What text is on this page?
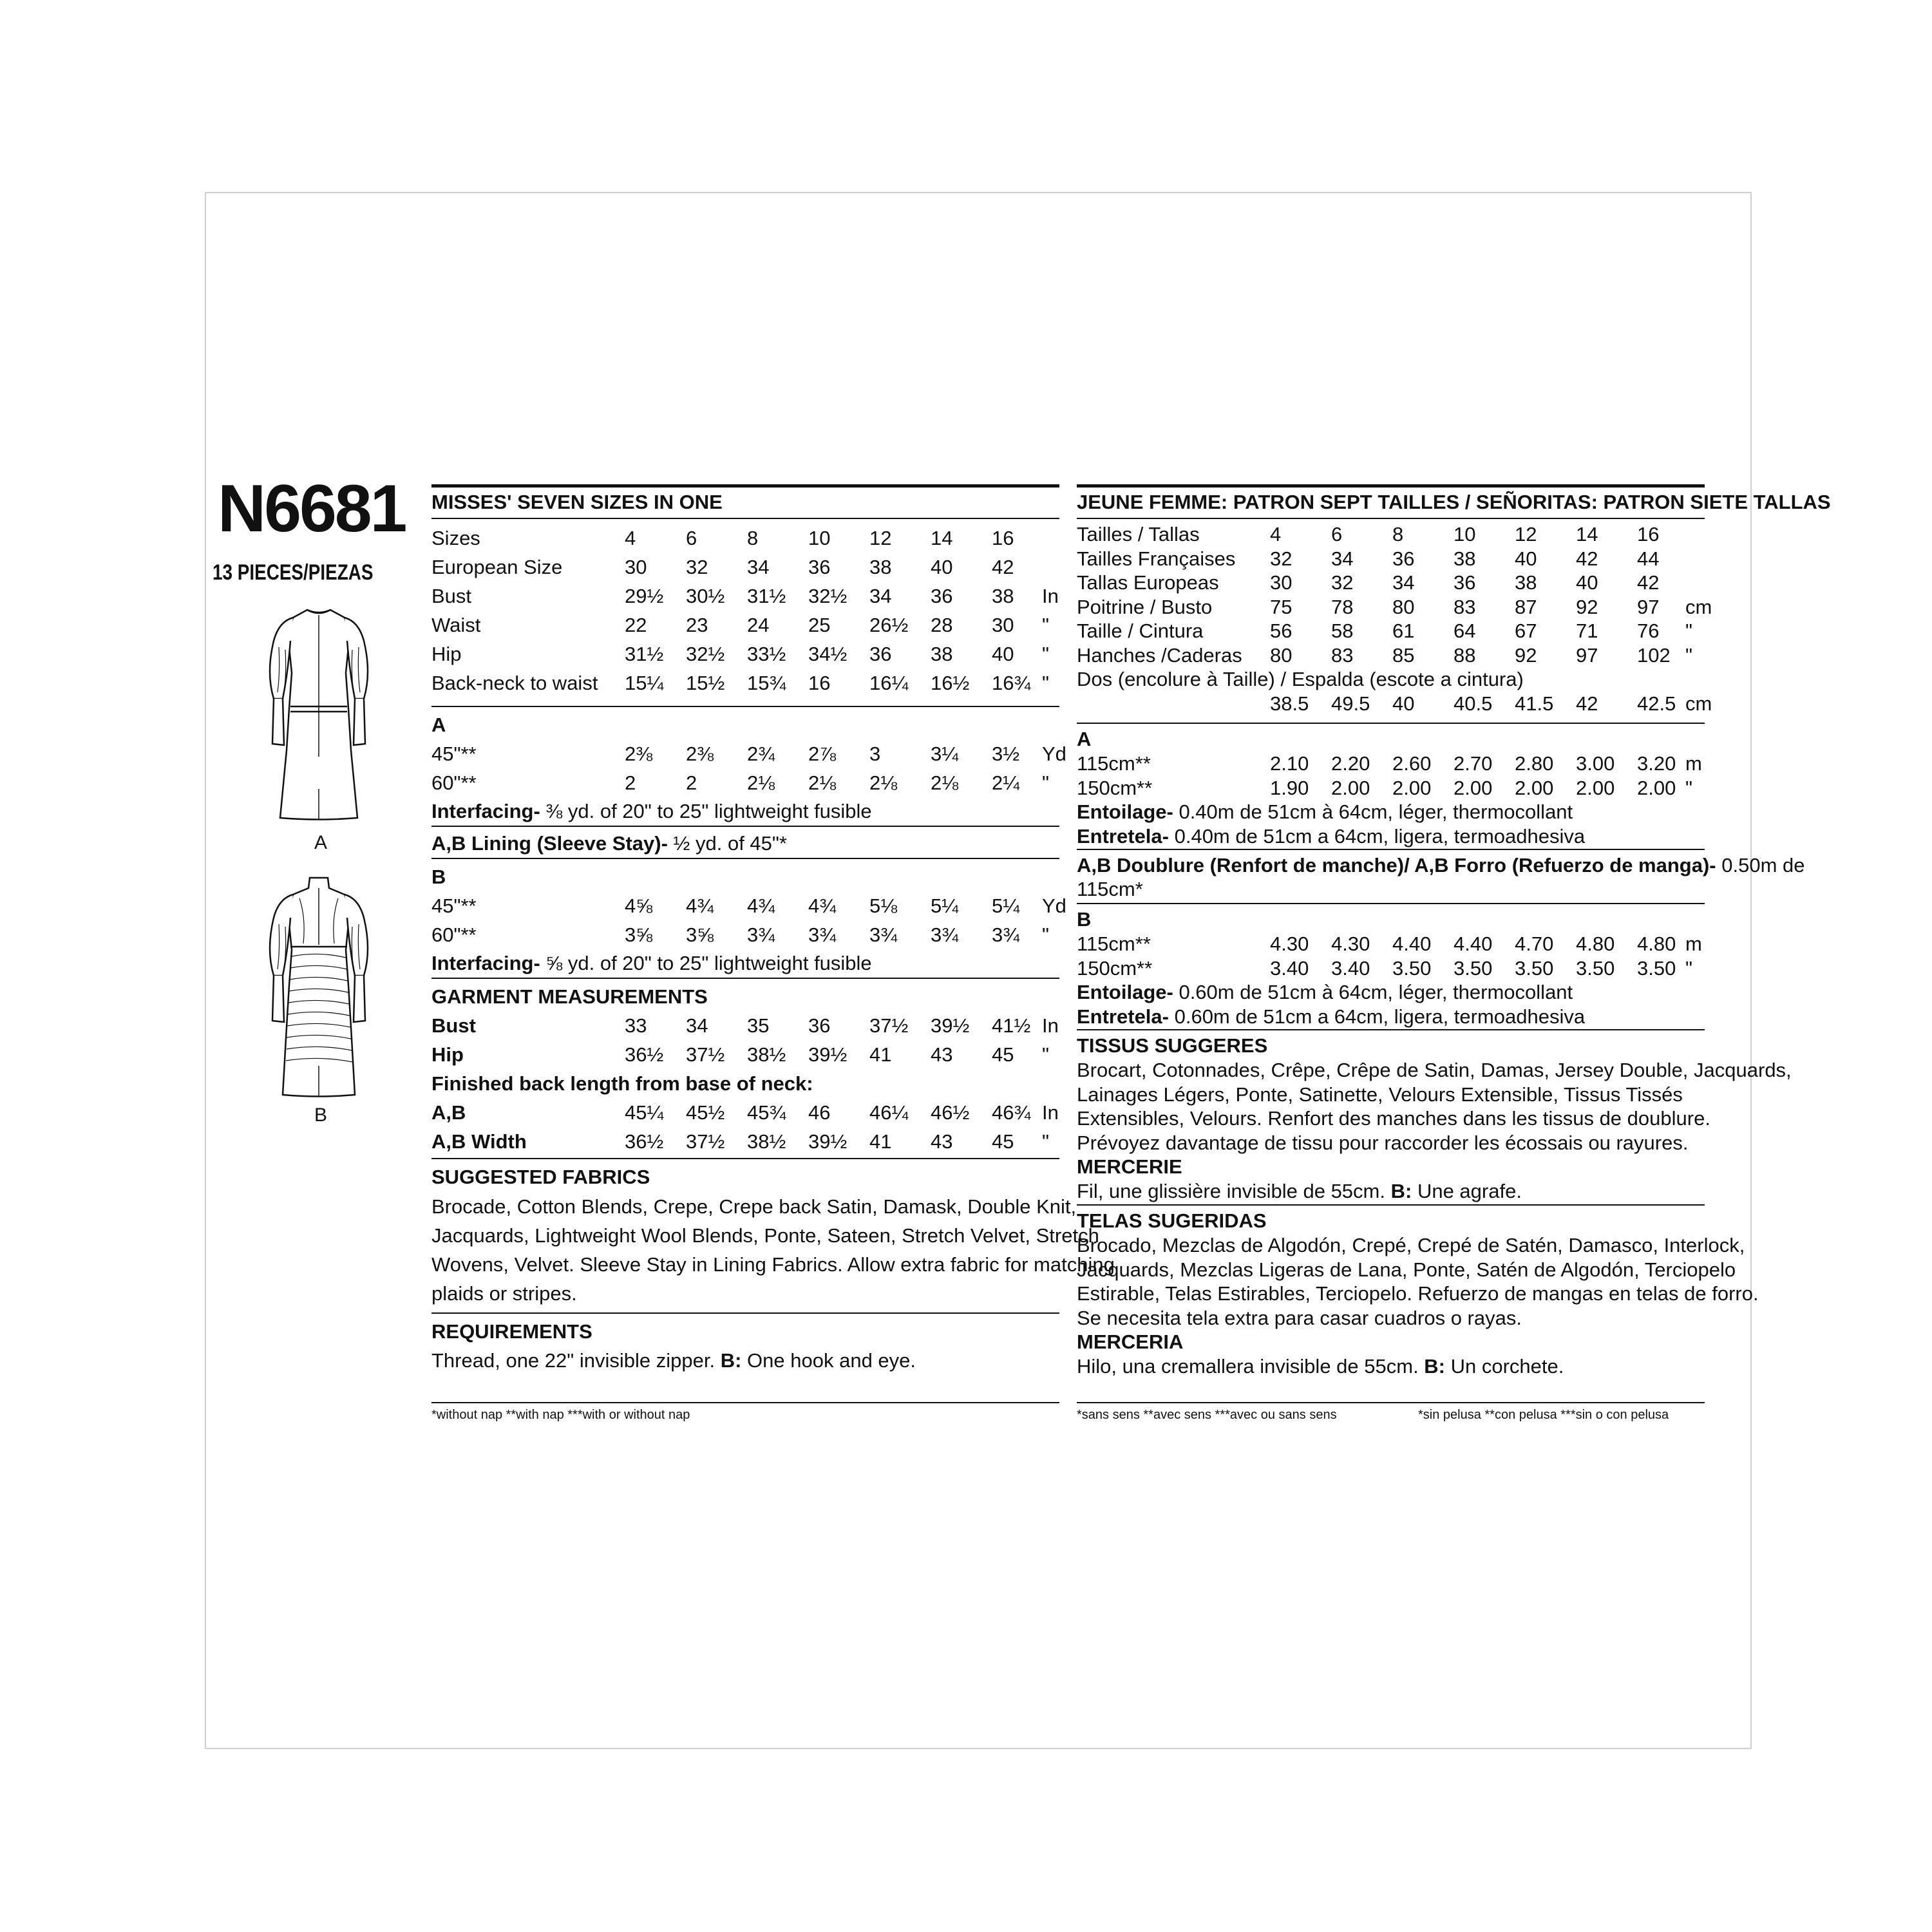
N6681
13 PIECES/PIEZAS
A
B
MISSES' SEVEN SIZES IN ONE
Sizes	4	6	8	10 12 14 16
European Size	30 32 34 36 38 40 42
Bust	29½ 30½ 31½ 32½ 34 36 38 In
Waist	22 23 24 25 26½ 28 30 "
Hip	31½ 32½ 33½ 34½ 36 38 40 "
Back-neck to waist 15¼ 15½ 15¾ 16 16¼ 16½ 16¾ "
A
45"**	2⅜ 2⅜ 2¾ 2⅞ 3	3¼ 3½ Yd
60"**	2	2	2⅛ 2⅛ 2⅛ 2⅛ 2¼ "
Interfacing- ⅜ yd. of 20" to 25" lightweight fusible
A,B Lining (Sleeve Stay)- ½ yd. of 45"*
B
45"**	4⅝ 4¾ 4¾ 4¾ 5⅛ 5¼ 5¼ Yd
60"**	3⅝ 3⅝ 3¾ 3¾ 3¾ 3¾ 3¾ "
Interfacing- ⅝ yd. of 20" to 25" lightweight fusible
GARMENT MEASUREMENTS
Bust	33 34 35 36 37½ 39½ 41½ In
Hip	36½ 37½ 38½ 39½ 41 43 45 "
Finished back length from base of neck:
A,B	45¼ 45½ 45¾ 46 46¼ 46½ 46¾ In
A,B Width	36½ 37½ 38½ 39½ 41 43 45 "
SUGGESTED FABRICS
Brocade, Cotton Blends, Crepe, Crepe back Satin, Damask, Double Knit,
Jacquards, Lightweight Wool Blends, Ponte, Sateen, Stretch Velvet, Stretch
Wovens, Velvet. Sleeve Stay in Lining Fabrics. Allow extra fabric for matching
plaids or stripes.
REQUIREMENTS
Thread, one 22" invisible zipper. B: One hook and eye.
*without nap **with nap ***with or without nap
JEUNE FEMME: PATRON SEPT TAILLES / SEÑORITAS: PATRON SIETE TALLAS
Tailles / Tallas	4	6	8	10 12 14 16
Tailles Françaises 32 34 36 38 40 42 44
Tallas Europeas	30 32 34 36 38 40 42
Poitrine / Busto	75 78 80 83 87 92 97 cm
Taille / Cintura	56 58 61 64 67 71 76 "
Hanches /Caderas 80 83 85 88 92 97 102 "
Dos (encolure à Taille) / Espalda (escote a cintura)
38.5 49.5 40 40.5 41.5 42 42.5 cm
A
115cm**	2.10 2.20 2.60 2.70 2.80 3.00 3.20 m
150cm**	1.90 2.00 2.00 2.00 2.00 2.00 2.00 "
Entoilage- 0.40m de 51cm à 64cm, léger, thermocollant
Entretela- 0.40m de 51cm a 64cm, ligera, termoadhesiva
A,B Doublure (Renfort de manche)/ A,B Forro (Refuerzo de manga)- 0.50m de
115cm*
B
115cm**	4.30 4.30 4.40 4.40 4.70 4.80 4.80 m
150cm**	3.40 3.40 3.50 3.50 3.50 3.50 3.50 "
Entoilage- 0.60m de 51cm à 64cm, léger, thermocollant
Entretela- 0.60m de 51cm a 64cm, ligera, termoadhesiva
TISSUS SUGGERES
Brocart, Cotonnades, Crêpe, Crêpe de Satin, Damas, Jersey Double, Jacquards,
Lainages Légers, Ponte, Satinette, Velours Extensible, Tissus Tissés
Extensibles, Velours. Renfort des manches dans les tissus de doublure.
Prévoyez davantage de tissu pour raccorder les écossais ou rayures.
MERCERIE
Fil, une glissière invisible de 55cm. B: Une agrafe.
TELAS SUGERIDAS
Brocado, Mezclas de Algodón, Crepé, Crepé de Satén, Damasco, Interlock,
Jacquards, Mezclas Ligeras de Lana, Ponte, Satén de Algodón, Terciopelo
Estirable, Telas Estirables, Terciopelo. Refuerzo de mangas en telas de forro.
Se necesita tela extra para casar cuadros o rayas.
MERCERIA
Hilo, una cremallera invisible de 55cm. B: Un corchete.
*sans sens **avec sens ***avec ou sans sens	*sin pelusa **con pelusa ***sin o con pelusa
